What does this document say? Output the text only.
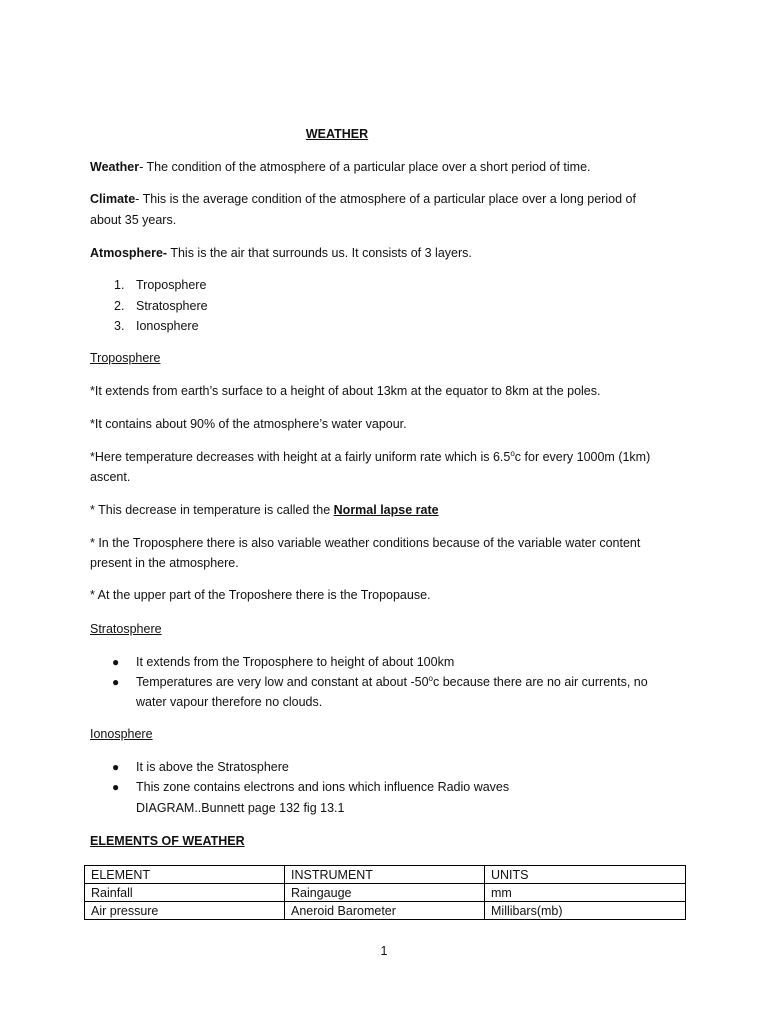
WEATHER
Weather- The condition of the atmosphere of a particular place over a short period of time.
Climate- This is the average condition of the atmosphere of a particular place over a long period of
about 35 years.
Atmosphere- This is the air that surrounds us. It consists of 3 layers.
1. Troposphere
2. Stratosphere
3. Ionosphere
Troposphere
*It extends from earth’s surface to a height of about 13km at the equator to 8km at the poles.
*It contains about 90% of the atmosphere’s water vapour.
*Here temperature decreases with height at a fairly uniform rate which is 6.5$^o$c for every 1000m (1km)
ascent.
* This decrease in temperature is called the Normal lapse rate
* In the Troposphere there is also variable weather conditions because of the variable water content
present in the atmosphere.
* At the upper part of the Troposhere there is the Tropopause.
Stratosphere
● It extends from the Troposphere to height of about 100km
● Temperatures are very low and constant at about -50$^o$c because there are no air currents, no
water vapour therefore no clouds.
Ionosphere
● It is above the Stratosphere
● This zone contains electrons and ions which influence Radio waves
DIAGRAM..Bunnett page 132 fig 13.1
ELEMENTS OF WEATHER
ELEMENT	INSTRUMENT	UNITS
Rainfall	Raingauge	mm
Air pressure	Aneroid Barometer	Millibars(mb)
1
